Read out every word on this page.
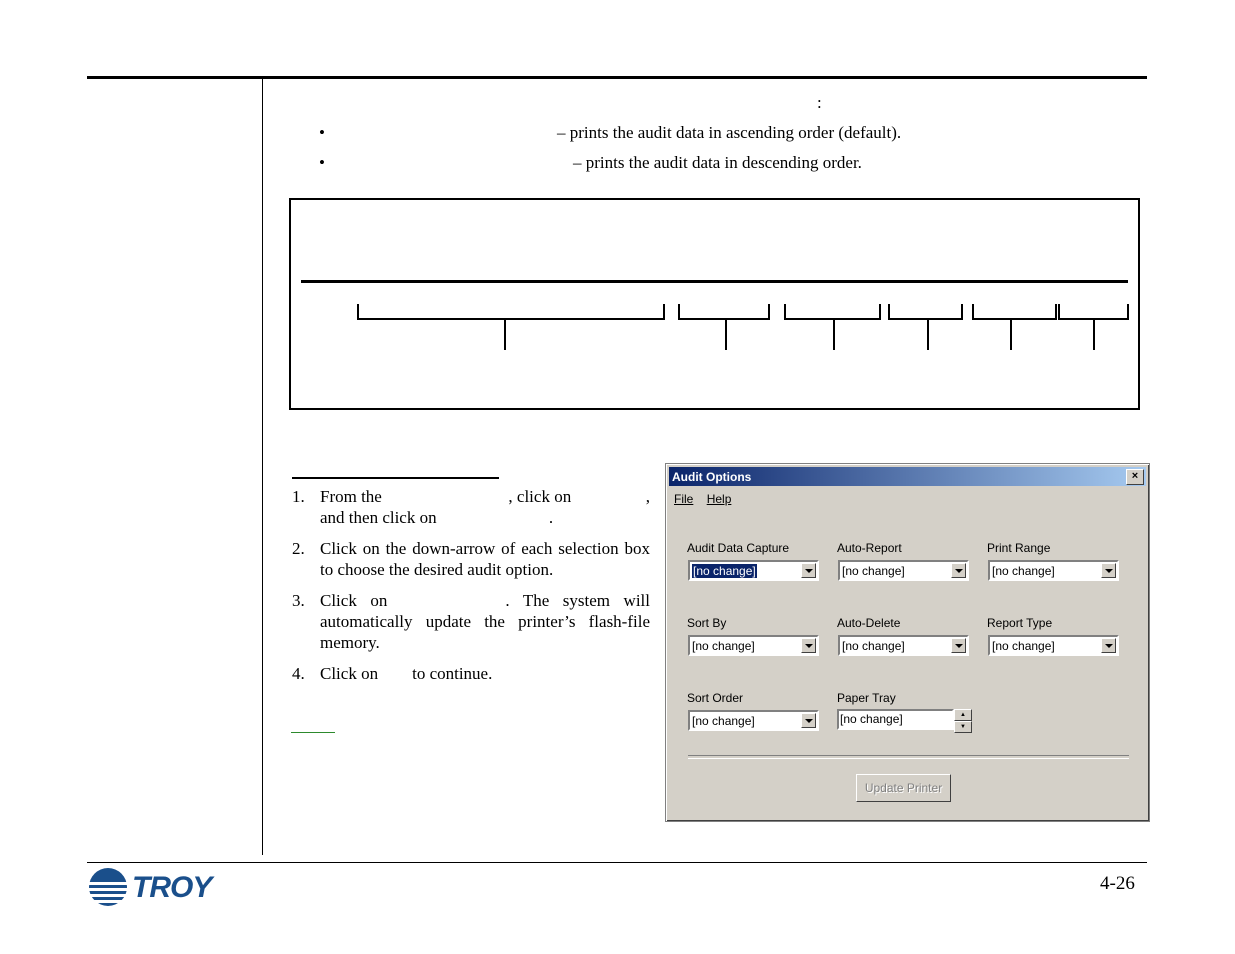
:
•	– prints the audit data in ascending order (default).
•	– prints the audit data in descending order.
1. From the	, click on	,
and then click on	.
2. Click on the down-arrow of each selection box to choose the desired audit option.
3. Click on	. The system will automatically update the printer’s flash-file memory.
4. Click on to continue.
Audit Options	×
File Help
Audit Data Capture
[no change]
Auto-Report
[no change]
Print Range
[no change]
Sort By
[no change]
Auto-Delete
[no change]
Report Type
[no change]
Sort Order
[no change]
Paper Tray
[no change]	▲
▼
Update Printer
TROY	4-26
